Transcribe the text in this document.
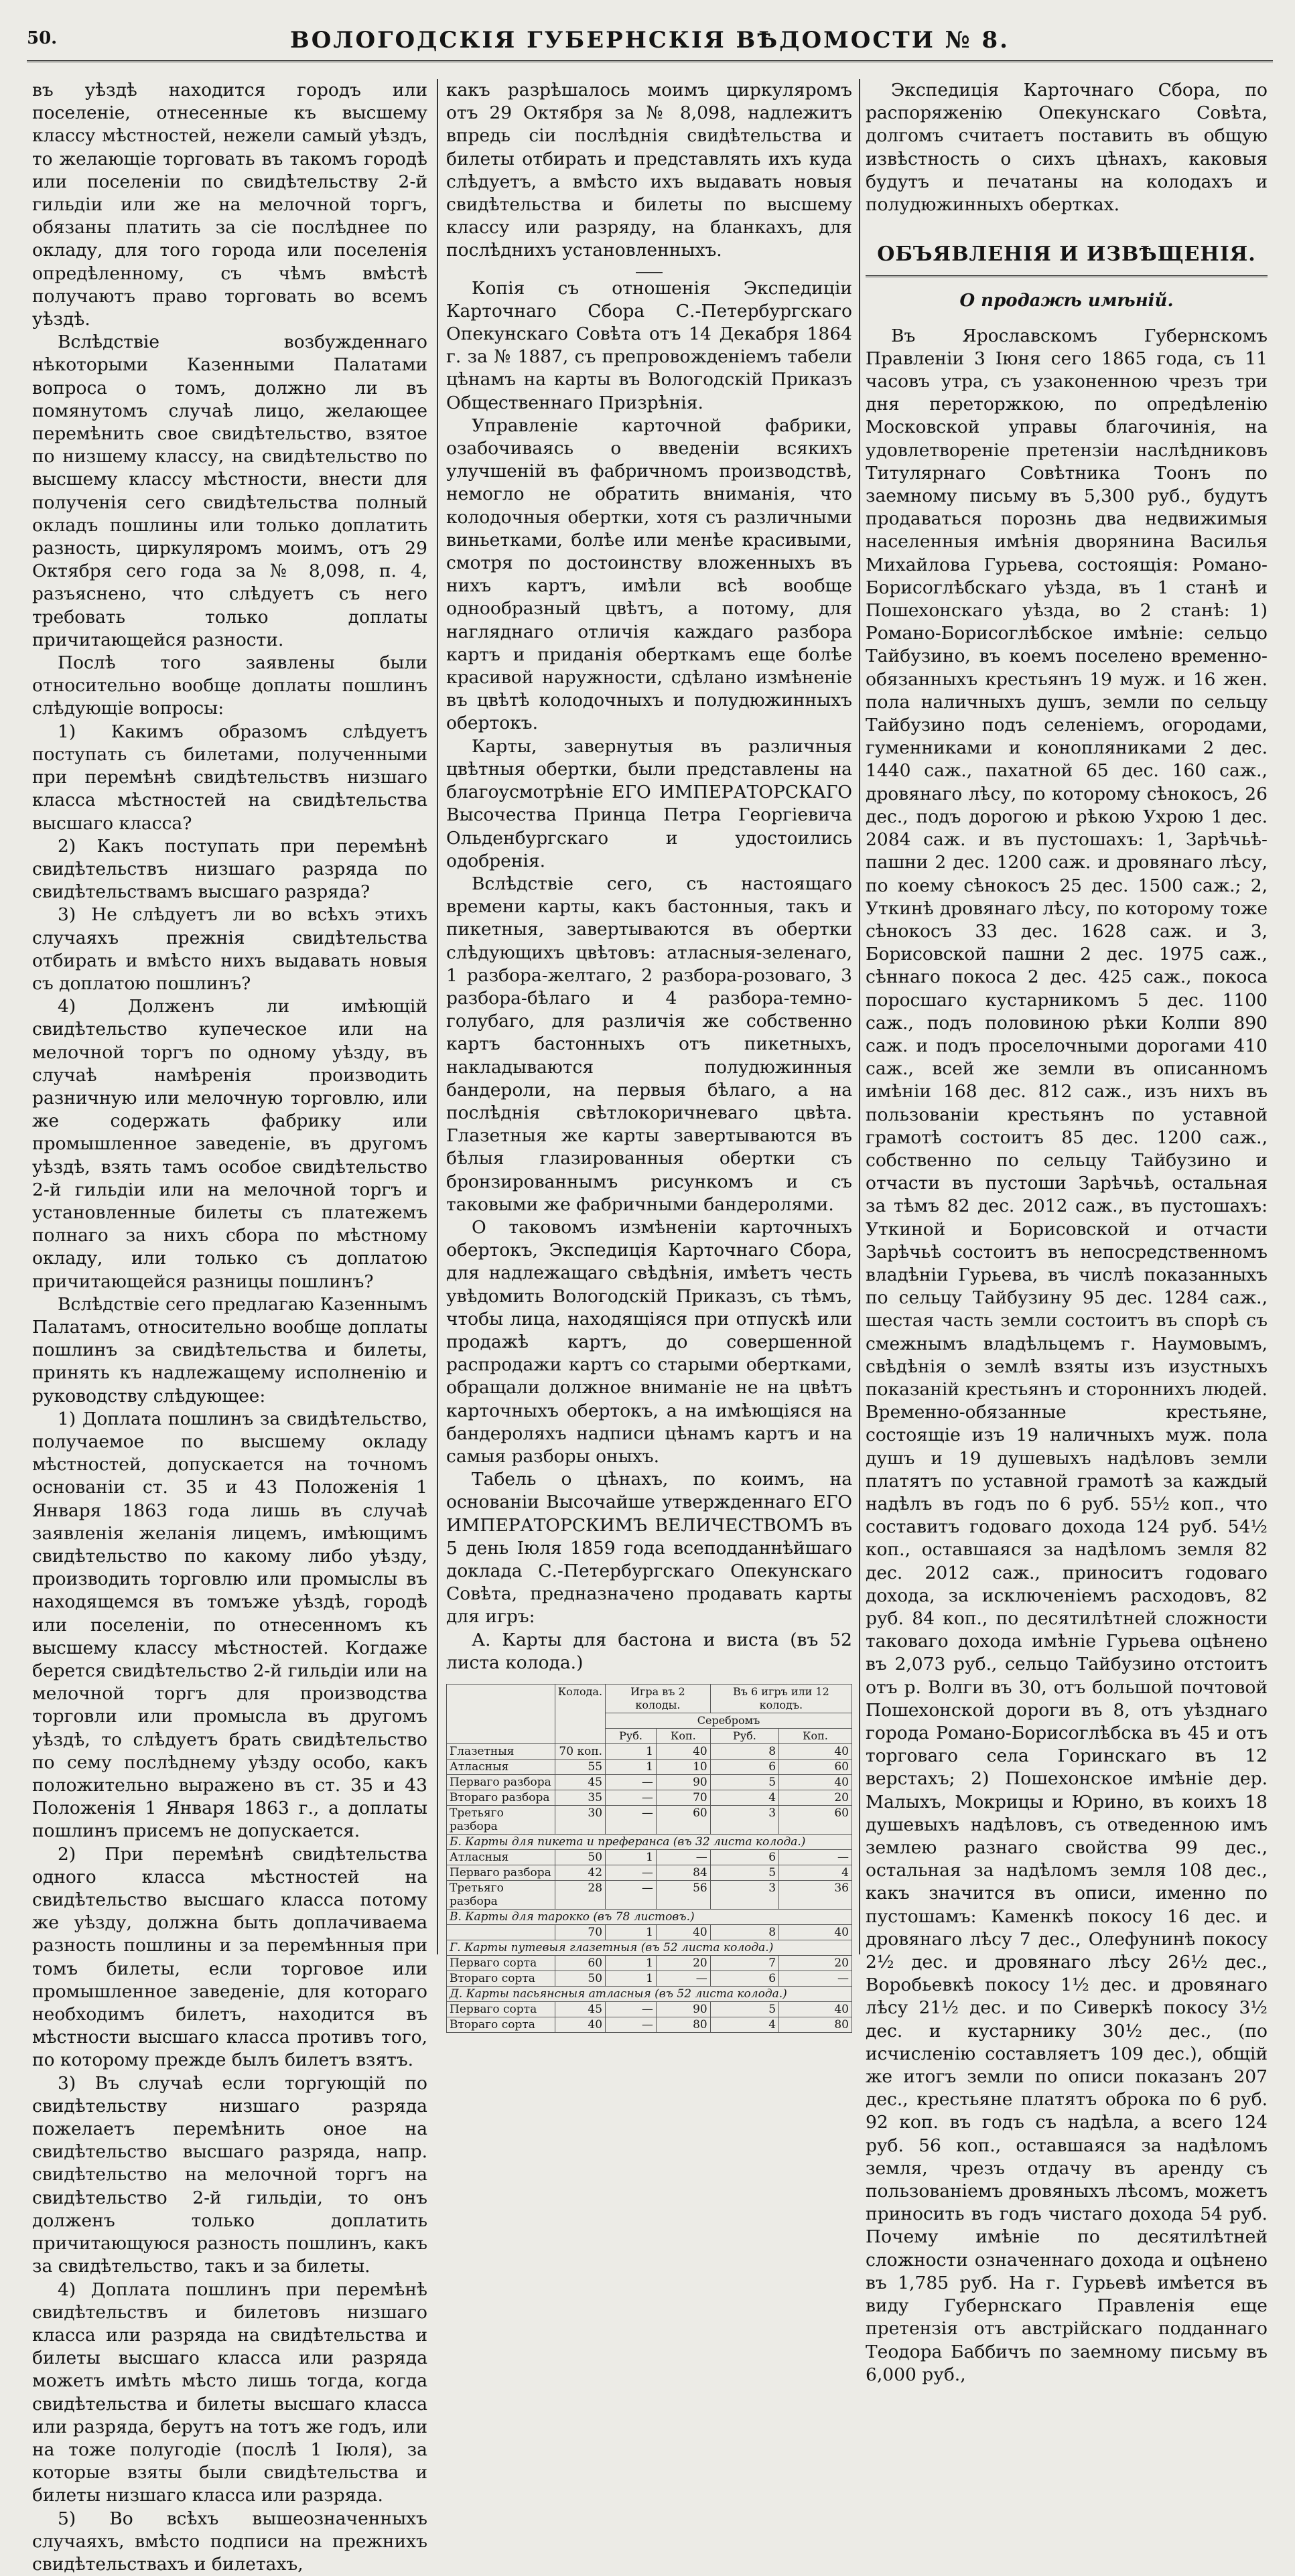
50.	ВОЛОГОДСКІЯ ГУБЕРНСКІЯ ВѢДОМОСТИ № 8.

въ уѣздѣ находится городъ или поселеніе, отнесенные къ высшему классу мѣстностей, нежели самый уѣздъ, то желающіе торговать въ такомъ городѣ или поселеніи по свидѣтельству 2-й гильдіи или же на мелочной торгъ, обязаны платить за сіе послѣднее по окладу, для того города или поселенія опредѣленному, съ чѣмъ вмѣстѣ получаютъ право торговать во всемъ уѣздѣ.

Вслѣдствіе возбужденнаго нѣкоторыми Казенными Палатами вопроса о томъ, должно ли въ помянутомъ случаѣ лицо, желающее перемѣнить свое свидѣтельство, взятое по низшему классу, на свидѣтельство по высшему классу мѣстности, внести для полученія сего свидѣтельства полный окладъ пошлины или только доплатить разность, циркуляромъ моимъ, отъ 29 Октября сего года за № 8,098, п. 4, разъяснено, что слѣдуетъ съ него требовать только доплаты причитающейся разности.

Послѣ того заявлены были относительно вообще доплаты пошлинъ слѣдующіе вопросы:

1) Какимъ образомъ слѣдуетъ поступать съ билетами, полученными при перемѣнѣ свидѣтельствъ низшаго класса мѣстностей на свидѣтельства высшаго класса?

2) Какъ поступать при перемѣнѣ свидѣтельствъ низшаго разряда по свидѣтельствамъ высшаго разряда?

3) Не слѣдуетъ ли во всѣхъ этихъ случаяхъ прежнія свидѣтельства отбирать и вмѣсто нихъ выдавать новыя съ доплатою пошлинъ?

4) Долженъ ли имѣющій свидѣтельство купеческое или на мелочной торгъ по одному уѣзду, въ случаѣ намѣренія производить разничную или мелочную торговлю, или же содержать фабрику или промышленное заведеніе, въ другомъ уѣздѣ, взять тамъ особое свидѣтельство 2-й гильдіи или на мелочной торгъ и установленные билеты съ платежемъ полнаго за нихъ сбора по мѣстному окладу, или только съ доплатою причитающейся разницы пошлинъ?

Вслѣдствіе сего предлагаю Казеннымъ Палатамъ, относительно вообще доплаты пошлинъ за свидѣтельства и билеты, принять къ надлежащему исполненію и руководству слѣдующее:

1) Доплата пошлинъ за свидѣтельство, получаемое по высшему окладу мѣстностей, допускается на точномъ основаніи ст. 35 и 43 Положенія 1 Января 1863 года лишь въ случаѣ заявленія желанія лицемъ, имѣющимъ свидѣтельство по какому либо уѣзду, производить торговлю или промыслы въ находящемся въ томъже уѣздѣ, городѣ или поселеніи, по отнесенномъ къ высшему классу мѣстностей. Когдаже берется свидѣтельство 2-й гильдіи или на мелочной торгъ для производства торговли или промысла въ другомъ уѣздѣ, то слѣдуетъ брать свидѣтельство по сему послѣднему уѣзду особо, какъ положительно выражено въ ст. 35 и 43 Положенія 1 Января 1863 г., а доплаты пошлинъ присемъ не допускается.

2) При перемѣнѣ свидѣтельства одного класса мѣстностей на свидѣтельство высшаго класса потому же уѣзду, должна быть доплачиваема разность пошлины и за перемѣнныя при томъ билеты, если торговое или промышленное заведеніе, для котораго необходимъ билетъ, находится въ мѣстности высшаго класса противъ того, по которому прежде былъ билетъ взятъ.

3) Въ случаѣ если торгующій по свидѣтельству низшаго разряда пожелаетъ перемѣнить оное на свидѣтельство высшаго разряда, напр. свидѣтельство на мелочной торгъ на свидѣтельство 2-й гильдіи, то онъ долженъ только доплатить причитающуюся разность пошлинъ, какъ за свидѣтельство, такъ и за билеты.

4) Доплата пошлинъ при перемѣнѣ свидѣтельствъ и билетовъ низшаго класса или разряда на свидѣтельства и билеты высшаго класса или разряда можетъ имѣть мѣсто лишь тогда, когда свидѣтельства и билеты высшаго класса или разряда, берутъ на тотъ же годъ, или на тоже полугодіе (послѣ 1 Іюля), за которые взяты были свидѣтельства и билеты низшаго класса или разряда.

5) Во всѣхъ вышеозначенныхъ случаяхъ, вмѣсто подписи на прежнихъ свидѣтельствахъ и билетахъ,

какъ разрѣшалось моимъ циркуляромъ отъ 29 Октября за № 8,098, надлежитъ впредь сіи послѣднія свидѣтельства и билеты отбирать и представлять ихъ куда слѣдуетъ, а вмѣсто ихъ выдавать новыя свидѣтельства и билеты по высшему классу или разряду, на бланкахъ, для послѣднихъ установленныхъ.

Копія съ отношенія Экспедиціи Карточнаго Сбора С.-Петербургскаго Опекунскаго Совѣта отъ 14 Декабря 1864 г. за № 1887, съ препровожденіемъ табели цѣнамъ на карты въ Вологодскій Приказъ Общественнаго Призрѣнія.

Управленіе карточной фабрики, озабочиваясь о введеніи всякихъ улучшеній въ фабричномъ производствѣ, немогло не обратить вниманія, что колодочныя обертки, хотя съ различными виньетками, болѣе или менѣе красивыми, смотря по достоинству вложенныхъ въ нихъ картъ, имѣли всѣ вообще однообразный цвѣтъ, а потому, для нагляднаго отличія каждаго разбора картъ и приданія оберткамъ еще болѣе красивой наружности, сдѣлано измѣненіе въ цвѣтѣ колодочныхъ и полудюжинныхъ обертокъ.

Карты, завернутыя въ различныя цвѣтныя обертки, были представлены на благоусмотрѣніе ЕГО ИМПЕРАТОРСКАГО Высочества Принца Петра Георгіевича Ольденбургскаго и удостоились одобренія.

Вслѣдствіе сего, съ настоящаго времени карты, какъ бастонныя, такъ и пикетныя, завертываются въ обертки слѣдующихъ цвѣтовъ: атласныя-зеленаго, 1 разбора-желтаго, 2 разбора-розоваго, 3 разбора-бѣлаго и 4 разбора-темно-голубаго, для различія же собственно картъ бастонныхъ отъ пикетныхъ, накладываются полудюжинныя бандероли, на первыя бѣлаго, а на послѣднія свѣтлокоричневаго цвѣта. Глазетныя же карты завертываются въ бѣлыя глазированныя обертки съ бронзированнымъ рисункомъ и съ таковыми же фабричными бандеролями.

О таковомъ измѣненіи карточныхъ обертокъ, Экспедиція Карточнаго Сбора, для надлежащаго свѣдѣнія, имѣетъ честь увѣдомить Вологодскій Приказъ, съ тѣмъ, чтобы лица, находящіяся при отпускѣ или продажѣ картъ, до совершенной распродажи картъ со старыми обертками, обращали должное вниманіе не на цвѣтъ карточныхъ обертокъ, а на имѣющіяся на бандероляхъ надписи цѣнамъ картъ и на самыя разборы оныхъ.

Табель о цѣнахъ, по коимъ, на основаніи Высочайше утвержденнаго ЕГО ИМПЕРАТОРСКИМЪ ВЕЛИЧЕСТВОМЪ въ 5 день Іюля 1859 года всеподданнѣйшаго доклада С.-Петербургскаго Опекунскаго Совѣта, предназначено продавать карты для игръ:

А. Карты для бастона и виста (въ 52 листа колода.)

	Колода.	Игра въ 2 колоды.		Въ 6 игръ или 12 колодъ.	
		Серебромъ			
		Руб.	Коп.	Руб.	Коп.
Глазетныя	70 коп.	1	40	8	40
Атласныя	55	1	10	6	60
Перваго разбора	45	—	90	5	40
Втораго разбора	35	—	70	4	20
Третьяго разбора	30	—	60	3	60
Б. Карты для пикета и преферанса (въ 32 листа колода.)					
Атласныя	50	1	—	6	—
Перваго разбора	42	—	84	5	4
Третьяго разбора	28	—	56	3	36
В. Карты для тарокко (въ 78 листовъ.)					
	70	1	40	8	40
Г. Карты путевыя глазетныя (въ 52 листа колода.)					
Перваго сорта	60	1	20	7	20
Втораго сорта	50	1	—	6	—
Д. Карты пасьянсныя атласныя (въ 52 листа колода.)					
Перваго сорта	45	—	90	5	40
Втораго сорта	40	—	80	4	80

Экспедиція Карточнаго Сбора, по распоряженію Опекунскаго Совѣта, долгомъ считаетъ поставить въ общую извѣстность о сихъ цѣнахъ, каковыя будутъ и печатаны на колодахъ и полудюжинныхъ обертках.

ОБЪЯВЛЕНІЯ И ИЗВѢЩЕНІЯ.
О продажѣ имѣній.

Въ Ярославскомъ Губернскомъ Правленіи 3 Іюня сего 1865 года, съ 11 часовъ утра, съ узаконенною чрезъ три дня переторжкою, по опредѣленію Московской управы благочинія, на удовлетвореніе претензіи наслѣдниковъ Титулярнаго Совѣтника Тоонъ по заемному письму въ 5,300 руб., будутъ продаваться порознь два недвижимыя населенныя имѣнія дворянина Василья Михайлова Гурьева, состоящія: Романо-Борисоглѣбскаго уѣзда, въ 1 станѣ и Пошехонскаго уѣзда, во 2 станѣ: 1) Романо-Борисоглѣбское имѣніе: сельцо Тайбузино, въ коемъ поселено временно-обязанныхъ крестьянъ 19 муж. и 16 жен. пола наличныхъ душъ, земли по сельцу Тайбузино подъ селеніемъ, огородами, гуменниками и конопляниками 2 дес. 1440 саж., пахатной 65 дес. 160 саж., дровянаго лѣсу, по которому сѣнокосъ, 26 дес., подъ дорогою и рѣкою Ухрою 1 дес. 2084 саж. и въ пустошахъ: 1, Зарѣчьѣ-пашни 2 дес. 1200 саж. и дровянаго лѣсу, по коему сѣнокосъ 25 дес. 1500 саж.; 2, Уткинѣ дровянаго лѣсу, по которому тоже сѣнокосъ 33 дес. 1628 саж. и 3, Борисовской пашни 2 дес. 1975 саж., сѣннаго покоса 2 дес. 425 саж., покоса поросшаго кустарникомъ 5 дес. 1100 саж., подъ половиною рѣки Колпи 890 саж. и подъ проселочными дорогами 410 саж., всей же земли въ описанномъ имѣніи 168 дес. 812 саж., изъ нихъ въ пользованіи крестьянъ по уставной грамотѣ состоитъ 85 дес. 1200 саж., собственно по сельцу Тайбузино и отчасти въ пустоши Зарѣчьѣ, остальная за тѣмъ 82 дес. 2012 саж., въ пустошахъ: Уткиной и Борисовской и отчасти Зарѣчьѣ состоитъ въ непосредственномъ владѣніи Гурьева, въ числѣ показанныхъ по сельцу Тайбузину 95 дес. 1284 саж., шестая часть земли состоитъ въ спорѣ съ смежнымъ владѣльцемъ г. Наумовымъ, свѣдѣнія о землѣ взяты изъ изустныхъ показаній крестьянъ и стороннихъ людей. Временно-обязанные крестьяне, состоящіе изъ 19 наличныхъ муж. пола душъ и 19 душевыхъ надѣловъ земли платятъ по уставной грамотѣ за каждый надѣлъ въ годъ по 6 руб. 55½ коп., что составитъ годоваго дохода 124 руб. 54½ коп., оставшаяся за надѣломъ земля 82 дес. 2012 саж., приноситъ годоваго дохода, за исключеніемъ расходовъ, 82 руб. 84 коп., по десятилѣтней сложности таковаго дохода имѣніе Гурьева оцѣнено въ 2,073 руб., сельцо Тайбузино отстоитъ отъ р. Волги въ 30, отъ большой почтовой Пошехонской дороги въ 8, отъ уѣзднаго города Романо-Борисоглѣбска въ 45 и отъ торговаго села Горинскаго въ 12 верстахъ; 2) Пошехонское имѣніе дер. Малыхъ, Мокрицы и Юрино, въ коихъ 18 душевыхъ надѣловъ, съ отведенною имъ землею разнаго свойства 99 дес., остальная за надѣломъ земля 108 дес., какъ значится въ описи, именно по пустошамъ: Каменкѣ покосу 16 дес. и дровянаго лѣсу 7 дес., Олефунинѣ покосу 2½ дес. и дровянаго лѣсу 26½ дес., Воробьевкѣ покосу 1½ дес. и дровянаго лѣсу 21½ дес. и по Сиверкѣ покосу 3½ дес. и кустарнику 30½ дес., (по исчисленію составляетъ 109 дес.), общій же итогъ земли по описи показанъ 207 дес., крестьяне платятъ оброка по 6 руб. 92 коп. въ годъ съ надѣла, а всего 124 руб. 56 коп., оставшаяся за надѣломъ земля, чрезъ отдачу въ аренду съ пользованіемъ дровяныхъ лѣсомъ, можетъ приносить въ годъ чистаго дохода 54 руб. Почему имѣніе по десятилѣтней сложности означеннаго дохода и оцѣнено въ 1,785 руб. На г. Гурьевѣ имѣется въ виду Губернскаго Правленія еще претензія отъ австрійскаго подданнаго Теодора Баббичъ по заемному письму въ 6,000 руб.,
